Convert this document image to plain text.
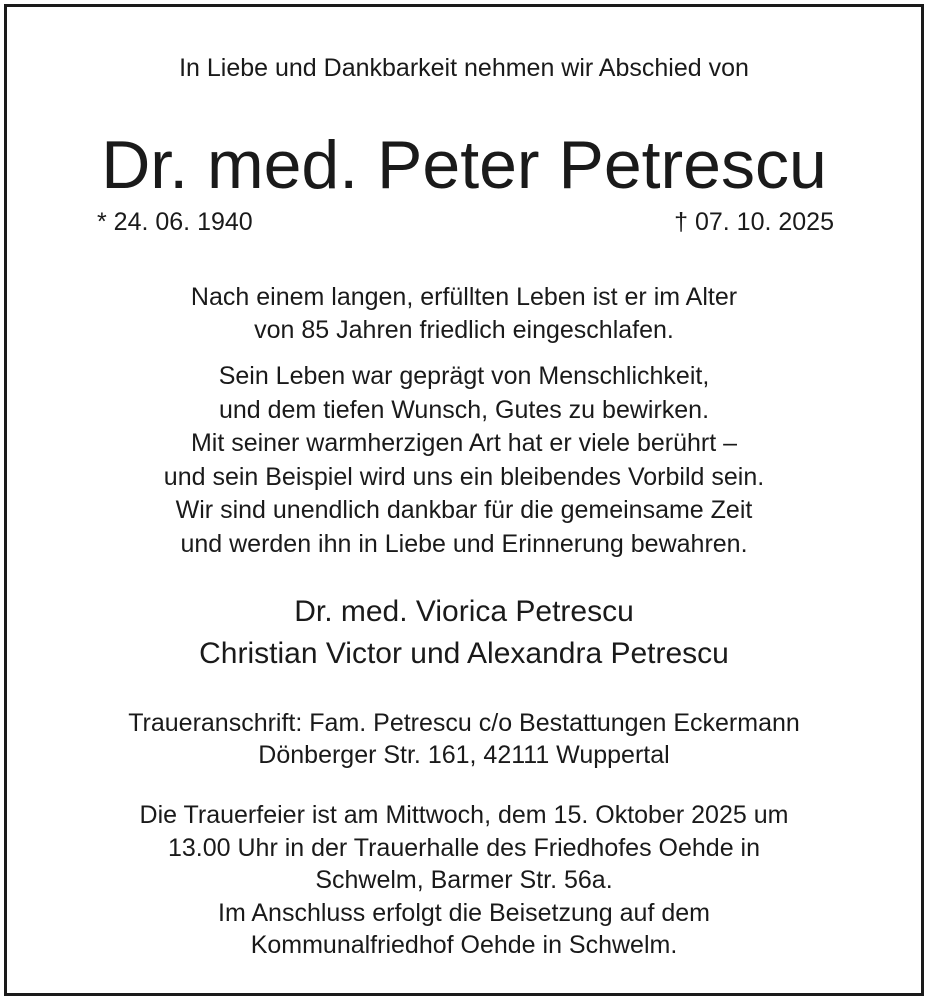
In Liebe und Dankbarkeit nehmen wir Abschied von
Dr. med. Peter Petrescu
* 24. 06. 1940	† 07. 10. 2025
Nach einem langen, erfüllten Leben ist er im Alter
von 85 Jahren friedlich eingeschlafen.
Sein Leben war geprägt von Menschlichkeit,
und dem tiefen Wunsch, Gutes zu bewirken.
Mit seiner warmherzigen Art hat er viele berührt –
und sein Beispiel wird uns ein bleibendes Vorbild sein.
Wir sind unendlich dankbar für die gemeinsame Zeit
und werden ihn in Liebe und Erinnerung bewahren.
Dr. med. Viorica Petrescu
Christian Victor und Alexandra Petrescu
Traueranschrift: Fam. Petrescu c/o Bestattungen Eckermann
Dönberger Str. 161, 42111 Wuppertal
Die Trauerfeier ist am Mittwoch, dem 15. Oktober 2025 um
13.00 Uhr in der Trauerhalle des Friedhofes Oehde in
Schwelm, Barmer Str. 56a.
Im Anschluss erfolgt die Beisetzung auf dem
Kommunalfriedhof Oehde in Schwelm.
